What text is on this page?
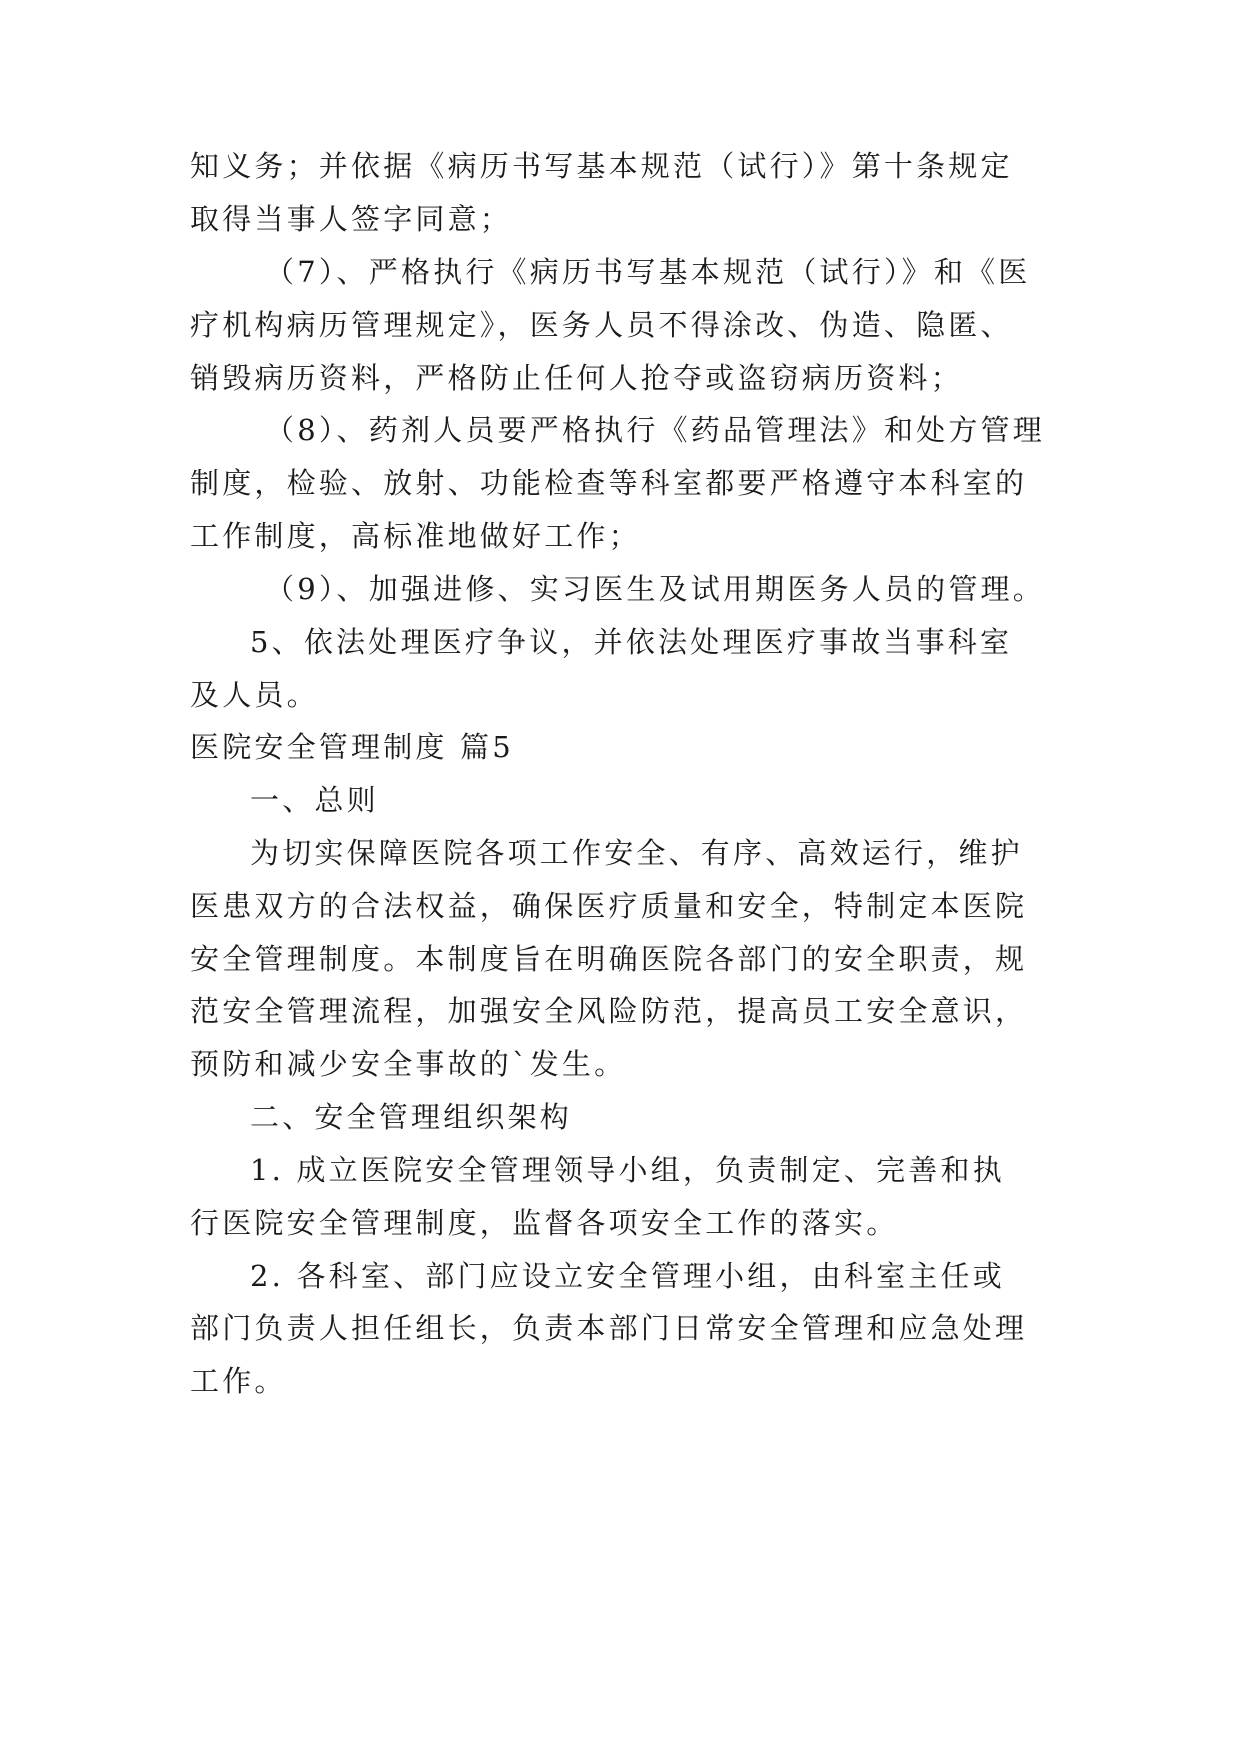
知义务；并依据《病历书写基本规范（试行）》第十条规定
取得当事人签字同意；
（7）、严格执行《病历书写基本规范（试行）》和《医
疗机构病历管理规定》，医务人员不得涂改、伪造、隐匿、
销毁病历资料，严格防止任何人抢夺或盗窃病历资料；
（8）、药剂人员要严格执行《药品管理法》和处方管理
制度，检验、放射、功能检查等科室都要严格遵守本科室的
工作制度，高标准地做好工作；
（9）、加强进修、实习医生及试用期医务人员的管理。
5、依法处理医疗争议，并依法处理医疗事故当事科室
及人员。
医院安全管理制度 篇5
一、总则
为切实保障医院各项工作安全、有序、高效运行，维护
医患双方的合法权益，确保医疗质量和安全，特制定本医院
安全管理制度。本制度旨在明确医院各部门的安全职责，规
范安全管理流程，加强安全风险防范，提高员工安全意识，
预防和减少安全事故的`发生。
二、安全管理组织架构
1. 成立医院安全管理领导小组，负责制定、完善和执
行医院安全管理制度，监督各项安全工作的落实。
2. 各科室、部门应设立安全管理小组，由科室主任或
部门负责人担任组长，负责本部门日常安全管理和应急处理
工作。
